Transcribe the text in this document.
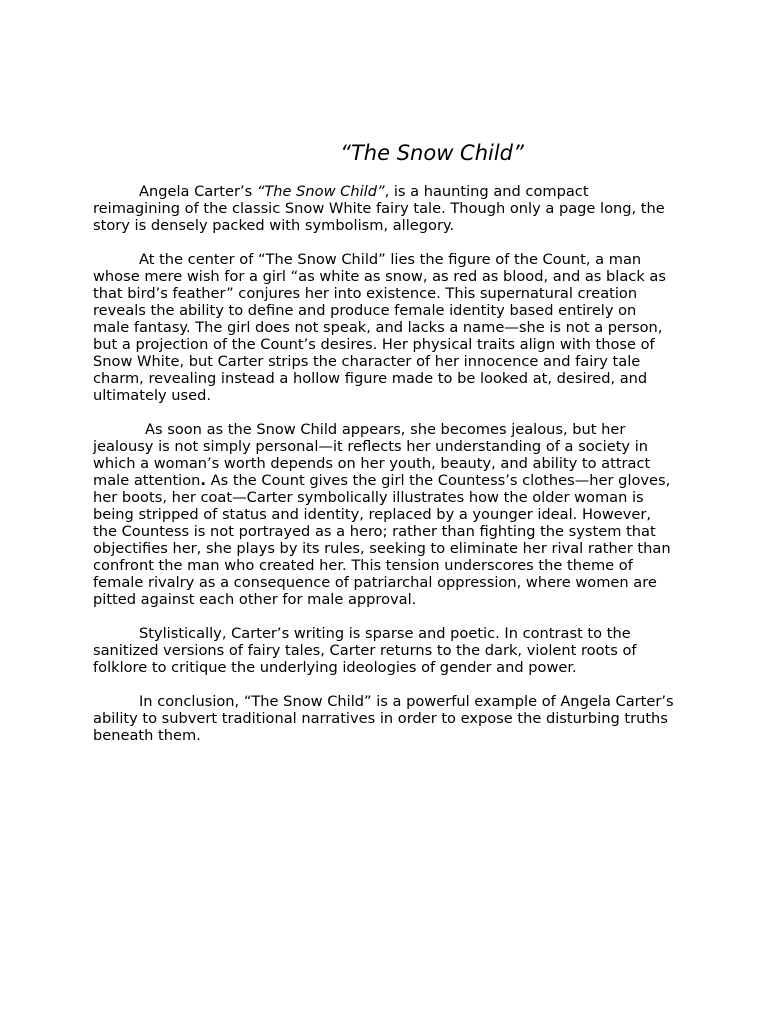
“The Snow Child”

Angela Carter’s “The Snow Child”, is a haunting and compact reimagining of the classic Snow White fairy tale. Though only a page long, the story is densely packed with symbolism, allegory.

At the center of “The Snow Child” lies the figure of the Count, a man whose mere wish for a girl “as white as snow, as red as blood, and as black as that bird’s feather” conjures her into existence. This supernatural creation reveals the ability to define and produce female identity based entirely on male fantasy. The girl does not speak, and lacks a name—she is not a person, but a projection of the Count’s desires. Her physical traits align with those of Snow White, but Carter strips the character of her innocence and fairy tale charm, revealing instead a hollow figure made to be looked at, desired, and ultimately used.

As soon as the Snow Child appears, she becomes jealous, but her jealousy is not simply personal—it reflects her understanding of a society in which a woman’s worth depends on her youth, beauty, and ability to attract male attention. As the Count gives the girl the Countess’s clothes—her gloves, her boots, her coat—Carter symbolically illustrates how the older woman is being stripped of status and identity, replaced by a younger ideal. However, the Countess is not portrayed as a hero; rather than fighting the system that objectifies her, she plays by its rules, seeking to eliminate her rival rather than confront the man who created her. This tension underscores the theme of female rivalry as a consequence of patriarchal oppression, where women are pitted against each other for male approval.

Stylistically, Carter’s writing is sparse and poetic. In contrast to the sanitized versions of fairy tales, Carter returns to the dark, violent roots of folklore to critique the underlying ideologies of gender and power.

In conclusion, “The Snow Child” is a powerful example of Angela Carter’s ability to subvert traditional narratives in order to expose the disturbing truths beneath them.
